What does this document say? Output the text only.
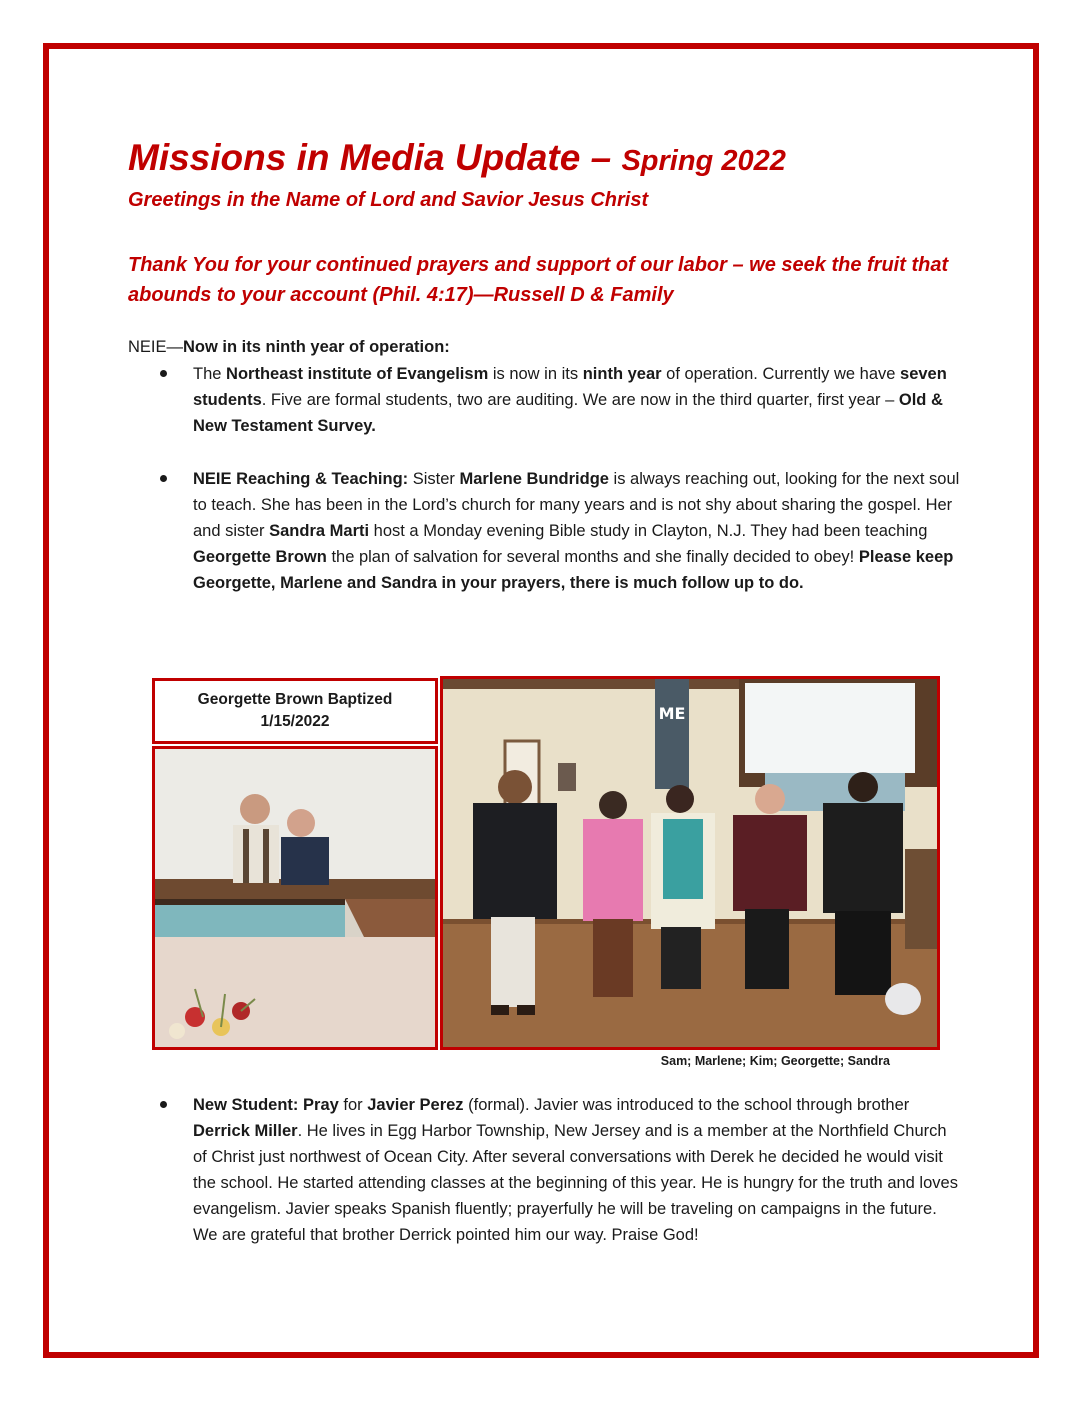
Missions in Media Update – Spring 2022

Greetings in the Name of Lord and Savior Jesus Christ

Thank You for your continued prayers and support of our labor – we seek the fruit that abounds to your account (Phil. 4:17)—Russell D & Family

NEIE—Now in its ninth year of operation:

The Northeast institute of Evangelism is now in its ninth year of operation. Currently we have seven students. Five are formal students, two are auditing. We are now in the third quarter, first year – Old & New Testament Survey.
NEIE Reaching & Teaching: Sister Marlene Bundridge is always reaching out, looking for the next soul to teach. She has been in the Lord’s church for many years and is not shy about sharing the gospel. Her and sister Sandra Marti host a Monday evening Bible study in Clayton, N.J. They had been teaching Georgette Brown the plan of salvation for several months and she finally decided to obey! Please keep Georgette, Marlene and Sandra in your prayers, there is much follow up to do.
Georgette Brown Baptized
1/15/2022	ME
Sam; Marlene; Kim; Georgette; Sandra
New Student: Pray for Javier Perez (formal). Javier was introduced to the school through brother Derrick Miller. He lives in Egg Harbor Township, New Jersey and is a member at the Northfield Church of Christ just northwest of Ocean City. After several conversations with Derek he decided he would visit the school. He started attending classes at the beginning of this year. He is hungry for the truth and loves evangelism. Javier speaks Spanish fluently; prayerfully he will be traveling on campaigns in the future. We are grateful that brother Derrick pointed him our way. Praise God!
